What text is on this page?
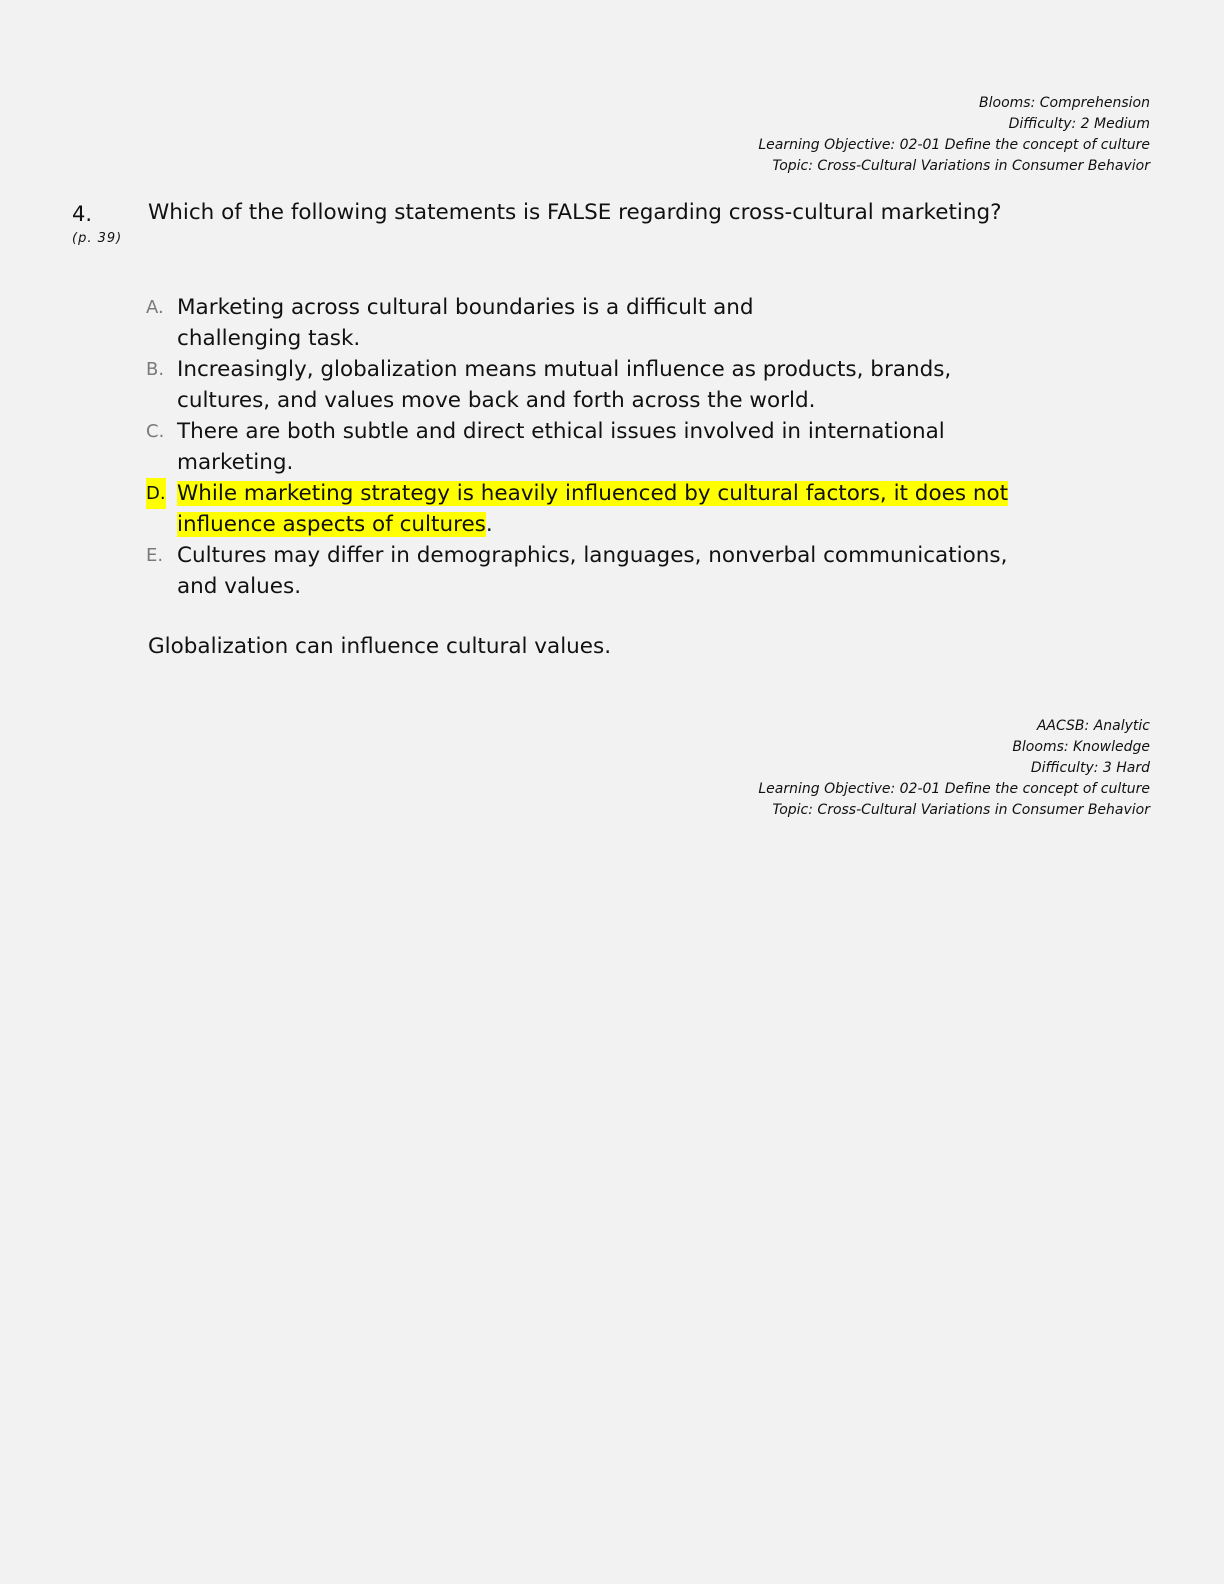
Blooms: Comprehension
Difficulty: 2 Medium
Learning Objective: 02-01 Define the concept of culture
Topic: Cross-Cultural Variations in Consumer Behavior
4.
(p. 39)
Which of the following statements is FALSE regarding cross-cultural marketing?
A. Marketing across cultural boundaries is a difficult and
challenging task.
B. Increasingly, globalization means mutual influence as products, brands,
cultures, and values move back and forth across the world.
C. There are both subtle and direct ethical issues involved in international
marketing.
D. While marketing strategy is heavily influenced by cultural factors, it does not
influence aspects of cultures.
E. Cultures may differ in demographics, languages, nonverbal communications,
and values.
Globalization can influence cultural values.
AACSB: Analytic
Blooms: Knowledge
Difficulty: 3 Hard
Learning Objective: 02-01 Define the concept of culture
Topic: Cross-Cultural Variations in Consumer Behavior
